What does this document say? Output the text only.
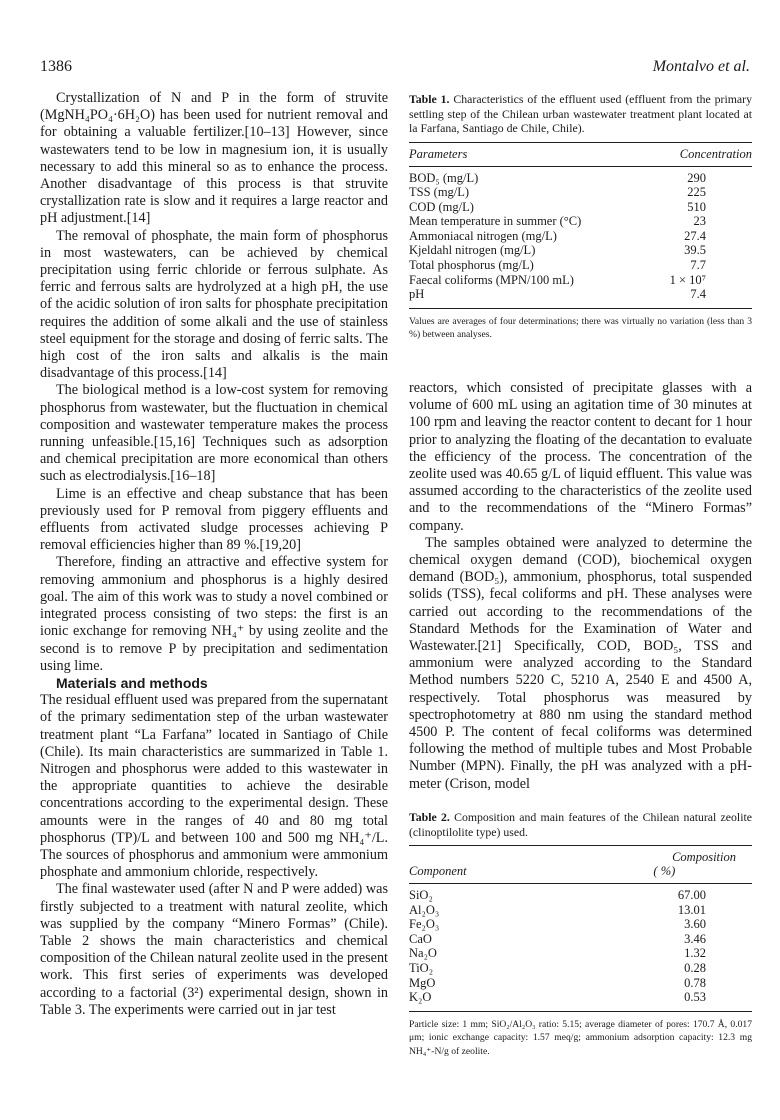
1386	Montalvo et al.

Crystallization of N and P in the form of struvite (MgNH₄PO₄·6H₂O) has been used for nutrient removal and for obtaining a valuable fertilizer.[10–13] However, since wastewaters tend to be low in magnesium ion, it is usually necessary to add this mineral so as to enhance the process. Another disadvantage of this process is that struvite crystallization rate is slow and it requires a large reactor and pH adjustment.[14]

The removal of phosphate, the main form of phosphorus in most wastewaters, can be achieved by chemical precipitation using ferric chloride or ferrous sulphate. As ferric and ferrous salts are hydrolyzed at a high pH, the use of the acidic solution of iron salts for phosphate precipitation requires the addition of some alkali and the use of stainless steel equipment for the storage and dosing of ferric salts. The high cost of the iron salts and alkalis is the main disadvantage of this process.[14]

The biological method is a low-cost system for removing phosphorus from wastewater, but the fluctuation in chemical composition and wastewater temperature makes the process running unfeasible.[15,16] Techniques such as adsorption and chemical precipitation are more economical than others such as electrodialysis.[16–18]

Lime is an effective and cheap substance that has been previously used for P removal from piggery effluents and effluents from activated sludge processes achieving P removal efficiencies higher than 89 %.[19,20]

Therefore, finding an attractive and effective system for removing ammonium and phosphorus is a highly desired goal. The aim of this work was to study a novel combined or integrated process consisting of two steps: the first is an ionic exchange for removing NH₄⁺ by using zeolite and the second is to remove P by precipitation and sedimentation using lime.

Materials and methods

The residual effluent used was prepared from the supernatant of the primary sedimentation step of the urban wastewater treatment plant “La Farfana” located in Santiago of Chile (Chile). Its main characteristics are summarized in Table 1. Nitrogen and phosphorus were added to this wastewater in the appropriate quantities to achieve the desirable concentrations according to the experimental design. These amounts were in the ranges of 40 and 80 mg total phosphorus (TP)/L and between 100 and 500 mg NH₄⁺/L. The sources of phosphorus and ammonium were ammonium phosphate and ammonium chloride, respectively.

The final wastewater used (after N and P were added) was firstly subjected to a treatment with natural zeolite, which was supplied by the company “Minero Formas” (Chile). Table 2 shows the main characteristics and chemical composition of the Chilean natural zeolite used in the present work. This first series of experiments was developed according to a factorial (3²) experimental design, shown in Table 3. The experiments were carried out in jar test

Table 1. Characteristics of the effluent used (effluent from the primary settling step of the Chilean urban wastewater treatment plant located at la Farfana, Santiago de Chile, Chile).
Parameters	Concentration
BOD₅ (mg/L)	290
TSS (mg/L)	225
COD (mg/L)	510
Mean temperature in summer (°C)	23
Ammoniacal nitrogen (mg/L)	27.4
Kjeldahl nitrogen (mg/L)	39.5
Total phosphorus (mg/L)	7.7
Faecal coliforms (MPN/100 mL)	1 × 10⁷
pH	7.4
Values are averages of four determinations; there was virtually no variation (less than 3 %) between analyses.

reactors, which consisted of precipitate glasses with a volume of 600 mL using an agitation time of 30 minutes at 100 rpm and leaving the reactor content to decant for 1 hour prior to analyzing the floating of the decantation to evaluate the efficiency of the process. The concentration of the zeolite used was 40.65 g/L of liquid effluent. This value was assumed according to the characteristics of the zeolite used and to the recommendations of the “Minero Formas” company.

The samples obtained were analyzed to determine the chemical oxygen demand (COD), biochemical oxygen demand (BOD₅), ammonium, phosphorus, total suspended solids (TSS), fecal coliforms and pH. These analyses were carried out according to the recommendations of the Standard Methods for the Examination of Water and Wastewater.[21] Specifically, COD, BOD₅, TSS and ammonium were analyzed according to the Standard Method numbers 5220 C, 5210 A, 2540 E and 4500 A, respectively. Total phosphorus was measured by spectrophotometry at 880 nm using the standard method 4500 P. The content of fecal coliforms was determined following the method of multiple tubes and Most Probable Number (MPN). Finally, the pH was analyzed with a pH-meter (Crison, model

Table 2. Composition and main features of the Chilean natural zeolite (clinoptilolite type) used.
Component	Composition
( %)

SiO₂	67.00
Al₂O₃	13.01
Fe₂O₃	3.60
CaO	3.46
Na₂O	1.32
TiO₂	0.28
MgO	0.78
K₂O	0.53
Particle size: 1 mm; SiO₂/Al₂O₃ ratio: 5.15; average diameter of pores: 170.7 Å, 0.017 μm; ionic exchange capacity: 1.57 meq/g; ammonium adsorption capacity: 12.3 mg NH₄⁺-N/g of zeolite.
